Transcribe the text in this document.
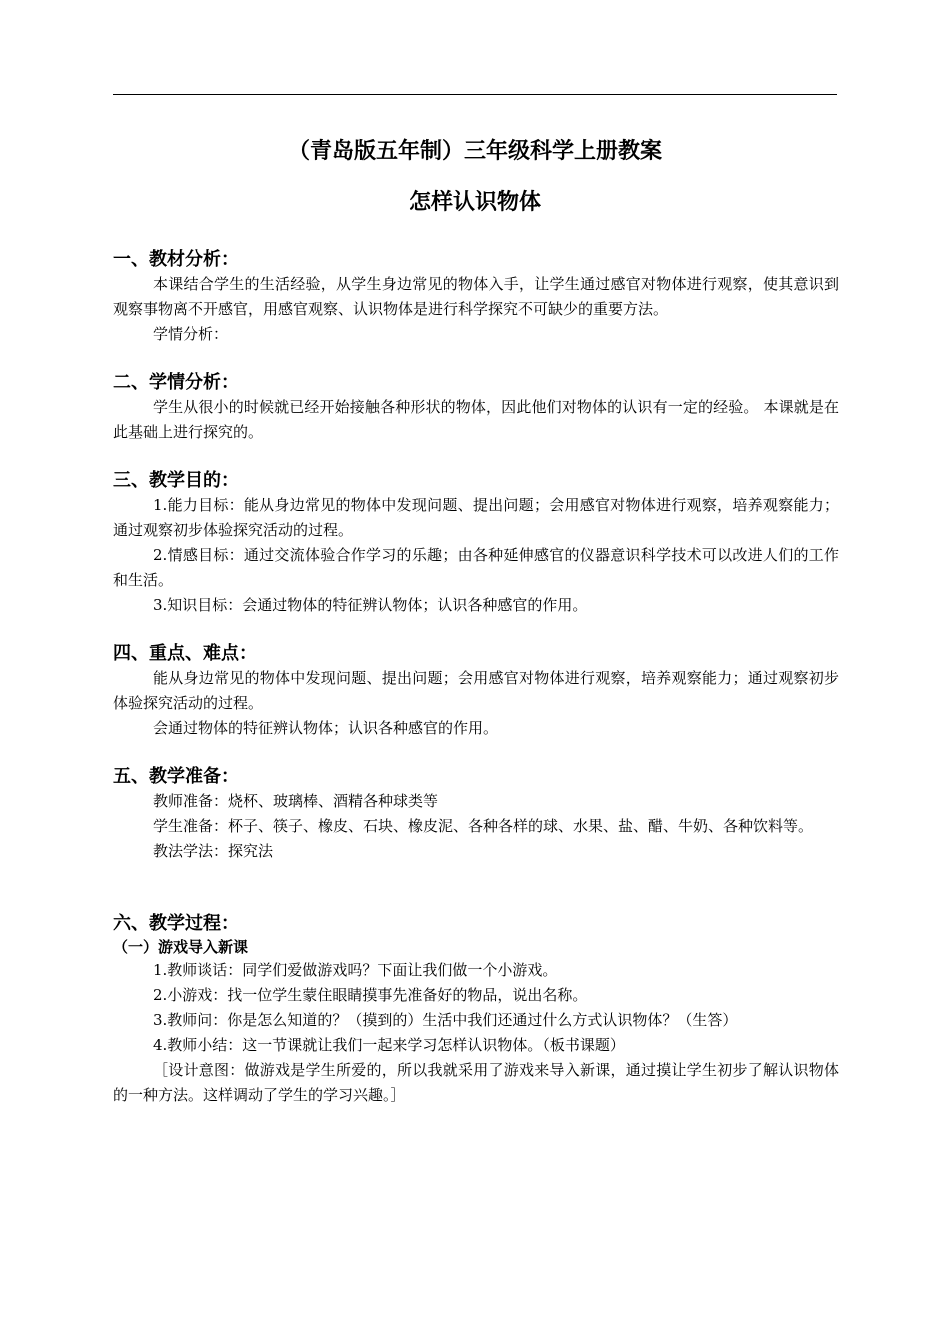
（青岛版五年制）三年级科学上册教案
怎样认识物体
一、教材分析：

本课结合学生的生活经验，从学生身边常见的物体入手，让学生通过感官对物体进行观察，使其意识到观察事物离不开感官，用感官观察、认识物体是进行科学探究不可缺少的重要方法。

学情分析：

二、学情分析：

学生从很小的时候就已经开始接触各种形状的物体，因此他们对物体的认识有一定的经验。 本课就是在此基础上进行探究的。

三、教学目的：

1.能力目标：能从身边常见的物体中发现问题、提出问题；会用感官对物体进行观察，培养观察能力；通过观察初步体验探究活动的过程。

2.情感目标：通过交流体验合作学习的乐趣；由各种延伸感官的仪器意识科学技术可以改进人们的工作和生活。

3.知识目标：会通过物体的特征辨认物体；认识各种感官的作用。

四、重点、难点：

能从身边常见的物体中发现问题、提出问题；会用感官对物体进行观察，培养观察能力；通过观察初步体验探究活动的过程。

会通过物体的特征辨认物体；认识各种感官的作用。

五、教学准备：

教师准备：烧杯、玻璃棒、酒精各种球类等

学生准备：杯子、筷子、橡皮、石块、橡皮泥、各种各样的球、水果、盐、醋、牛奶、各种饮料等。

教法学法：探究法

六、教学过程：
（一）游戏导入新课

1.教师谈话：同学们爱做游戏吗？下面让我们做一个小游戏。

2.小游戏：找一位学生蒙住眼睛摸事先准备好的物品，说出名称。

3.教师问：你是怎么知道的？（摸到的）生活中我们还通过什么方式认识物体？（生答）

4.教师小结：这一节课就让我们一起来学习怎样认识物体。（板书课题）

［设计意图：做游戏是学生所爱的，所以我就采用了游戏来导入新课，通过摸让学生初步了解认识物体的一种方法。这样调动了学生的学习兴趣。］
